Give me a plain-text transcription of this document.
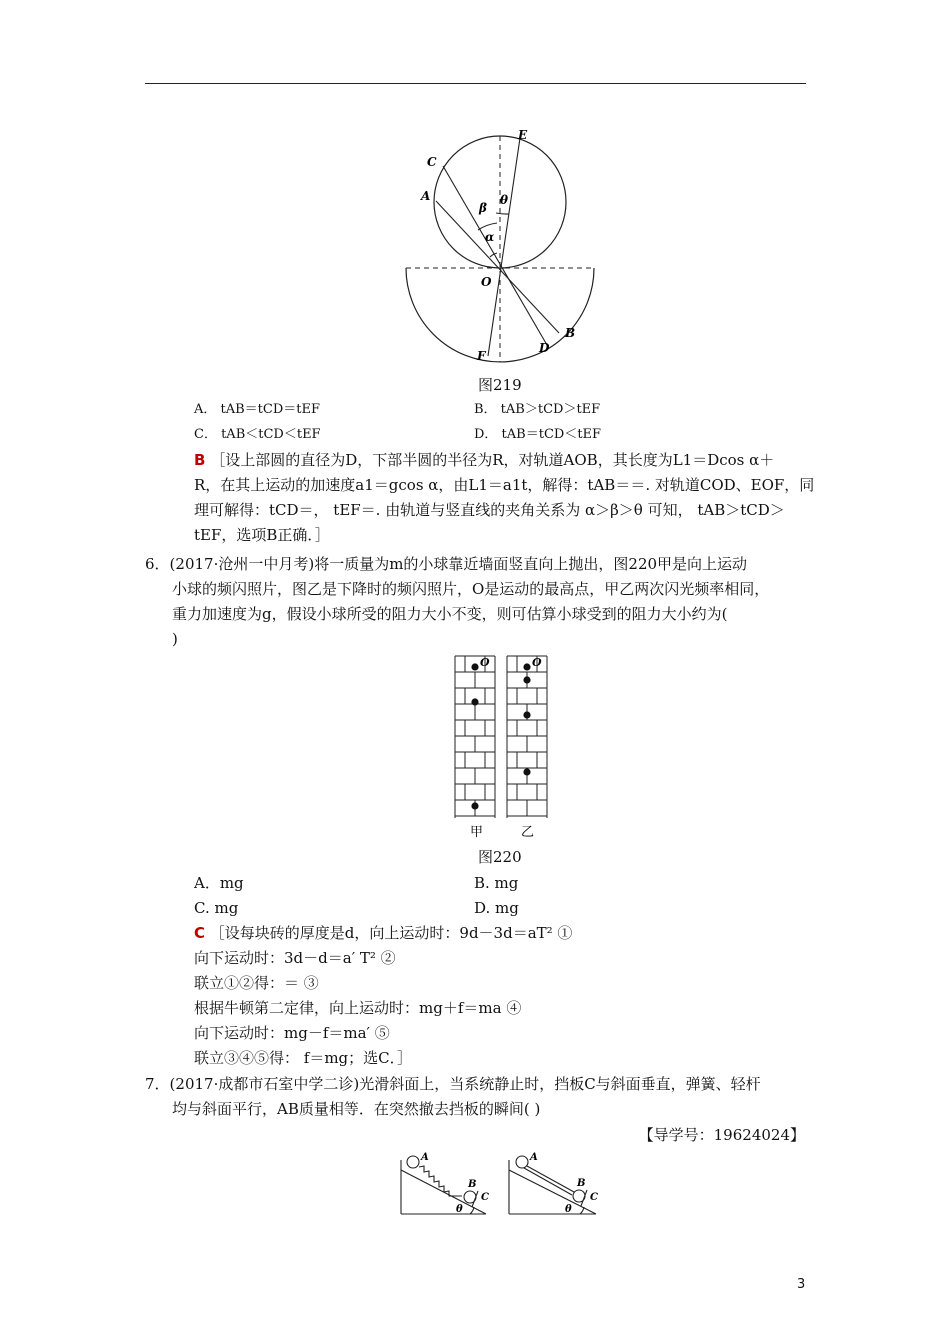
E
C
A
β
θ
α
O
B
D
F
图219
A． tAB＝tCD＝tEF	B． tAB＞tCD＞tEF
C． tAB＜tCD＜tEF	D． tAB＝tCD＜tEF
B ［设上部圆的直径为D，下部半圆的半径为R，对轨道AOB，其长度为L1＝Dcos α＋
R，在其上运动的加速度a1＝gcos α，由L1＝a1t，解得：tAB＝＝. 对轨道COD、EOF，同
理可解得：tCD＝， tEF＝. 由轨道与竖直线的夹角关系为 α＞β＞θ 可知， tAB＞tCD＞
tEF，选项B正确．］
6．(2017·沧州一中月考)将一质量为m的小球靠近墙面竖直向上抛出，图220甲是向上运动
小球的频闪照片，图乙是下降时的频闪照片，O是运动的最高点，甲乙两次闪光频率相同，
重力加速度为g，假设小球所受的阻力大小不变，则可估算小球受到的阻力大小约为(
)
O	O
甲	乙
图220
A．mg	B. mg
C. mg	D. mg
C ［设每块砖的厚度是d，向上运动时：9d－3d＝aT² ①
向下运动时：3d－d＝a′ T² ②
联立①②得：＝ ③
根据牛顿第二定律，向上运动时：mg＋f＝ma ④
向下运动时：mg－f＝ma′ ⑤
联立③④⑤得： f＝mg；选C．］
7．(2017·成都市石室中学二诊)光滑斜面上，当系统静止时，挡板C与斜面垂直，弹簧、轻杆
均与斜面平行，AB质量相等．在突然撤去挡板的瞬间( )
【导学号：19624024】
A
B
C
θ
A
B
C
θ
3
